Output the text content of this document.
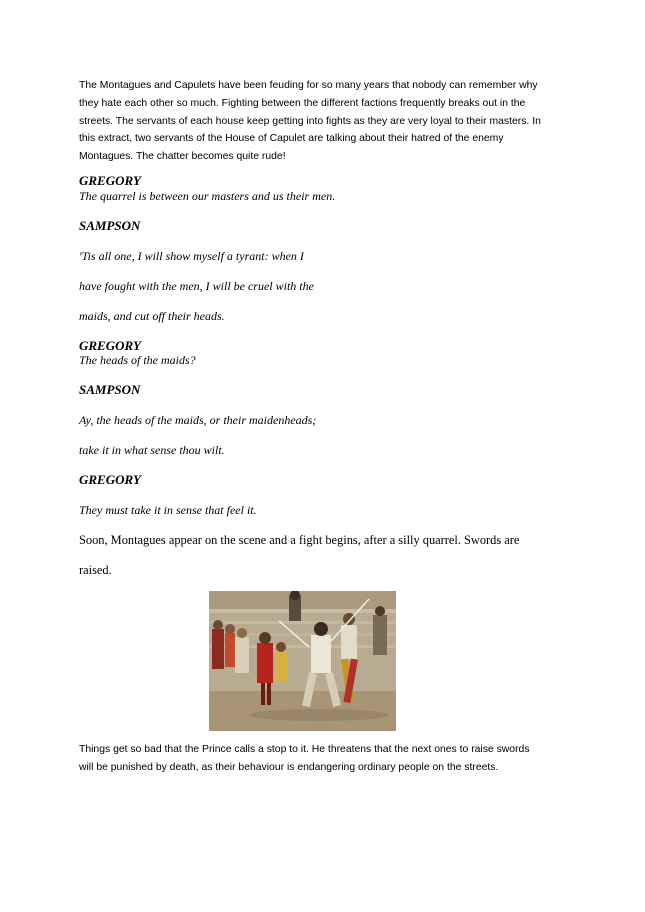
The Montagues and Capulets have been feuding for so many years that nobody can remember why
they hate each other so much. Fighting between the different factions frequently breaks out in the
streets. The servants of each house keep getting into fights as they are very loyal to their masters. In
this extract, two servants of the House of Capulet are talking about their hatred of the enemy
Montagues. The chatter becomes quite rude!
GREGORY
The quarrel is between our masters and us their men.
SAMPSON
'Tis all one, I will show myself a tyrant: when I
have fought with the men, I will be cruel with the
maids, and cut off their heads.
GREGORY
The heads of the maids?
SAMPSON
Ay, the heads of the maids, or their maidenheads;
take it in what sense thou wilt.
GREGORY
They must take it in sense that feel it.
Soon, Montagues appear on the scene and a fight begins, after a silly quarrel. Swords are
raised.
Things get so bad that the Prince calls a stop to it. He threatens that the next ones to raise swords
will be punished by death, as their behaviour is endangering ordinary people on the streets.
